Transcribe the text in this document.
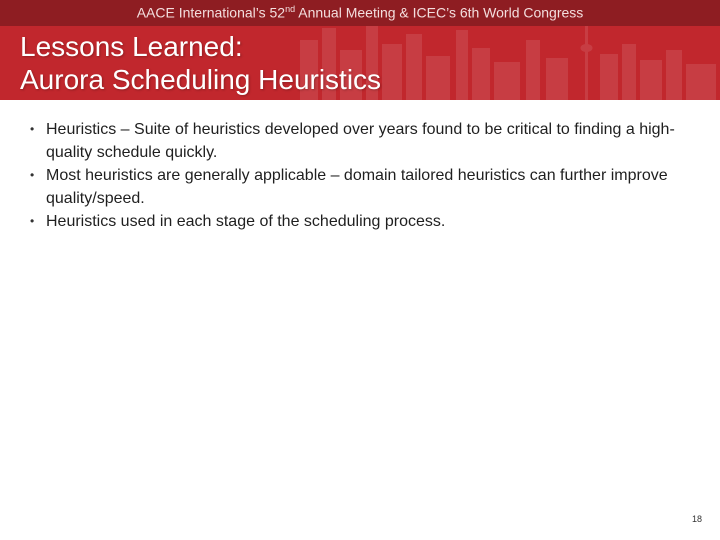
AACE International’s 52nd Annual Meeting & ICEC’s 6th World Congress
Lessons Learned:
Aurora Scheduling Heuristics
• Heuristics – Suite of heuristics developed over years found to be critical to finding a high-quality schedule quickly.
• Most heuristics are generally applicable – domain tailored heuristics can further improve quality/speed.
• Heuristics used in each stage of the scheduling process.
18
